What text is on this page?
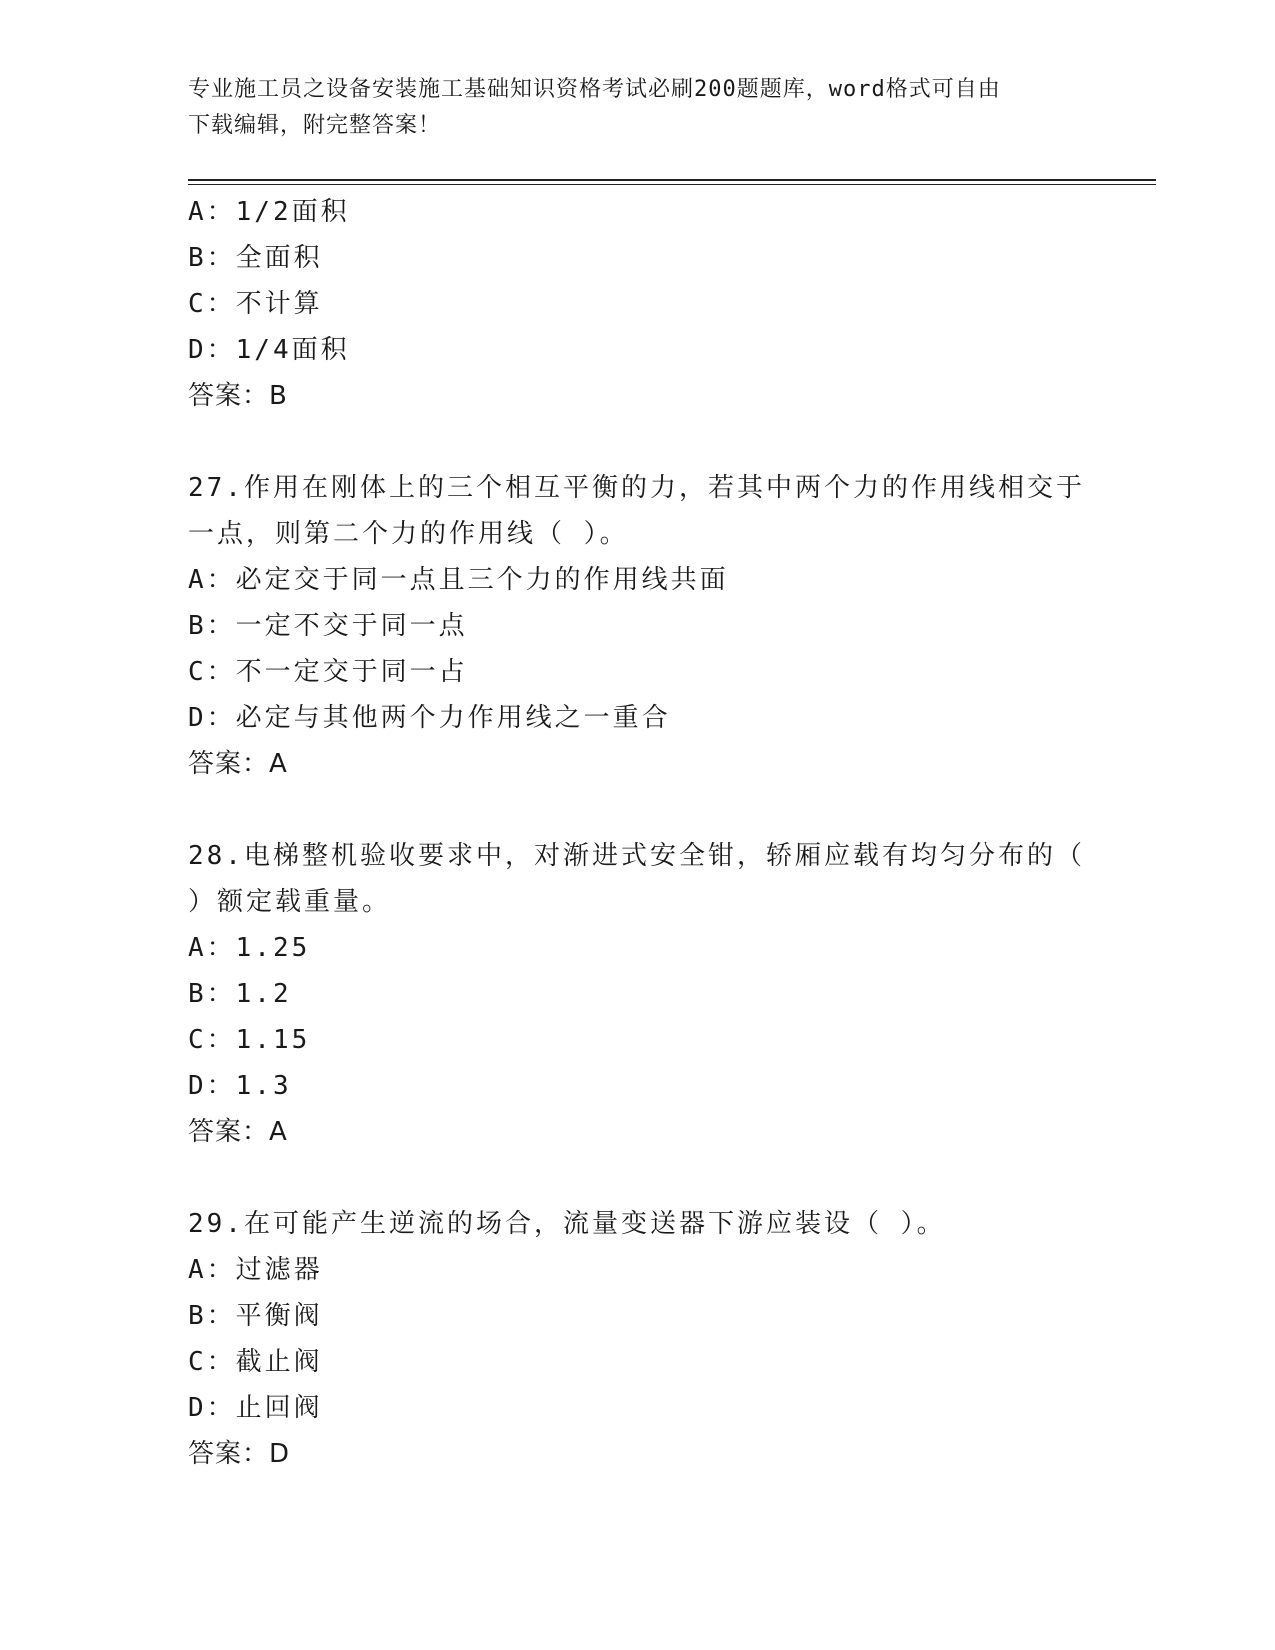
专业施工员之设备安装施工基础知识资格考试必刷200题题库，word格式可自由
下载编辑，附完整答案！
A：1/2面积
B：全面积
C：不计算
D：1/4面积
答案：B
27.作用在刚体上的三个相互平衡的力，若其中两个力的作用线相交于
一点，则第二个力的作用线（ ）。
A：必定交于同一点且三个力的作用线共面
B：一定不交于同一点
C：不一定交于同一占
D：必定与其他两个力作用线之一重合
答案：A
28.电梯整机验收要求中，对渐进式安全钳，轿厢应载有均匀分布的（
）额定载重量。
A：1.25
B：1.2
C：1.15
D：1.3
答案：A
29.在可能产生逆流的场合，流量变送器下游应装设（ ）。
A：过滤器
B：平衡阀
C：截止阀
D：止回阀
答案：D
